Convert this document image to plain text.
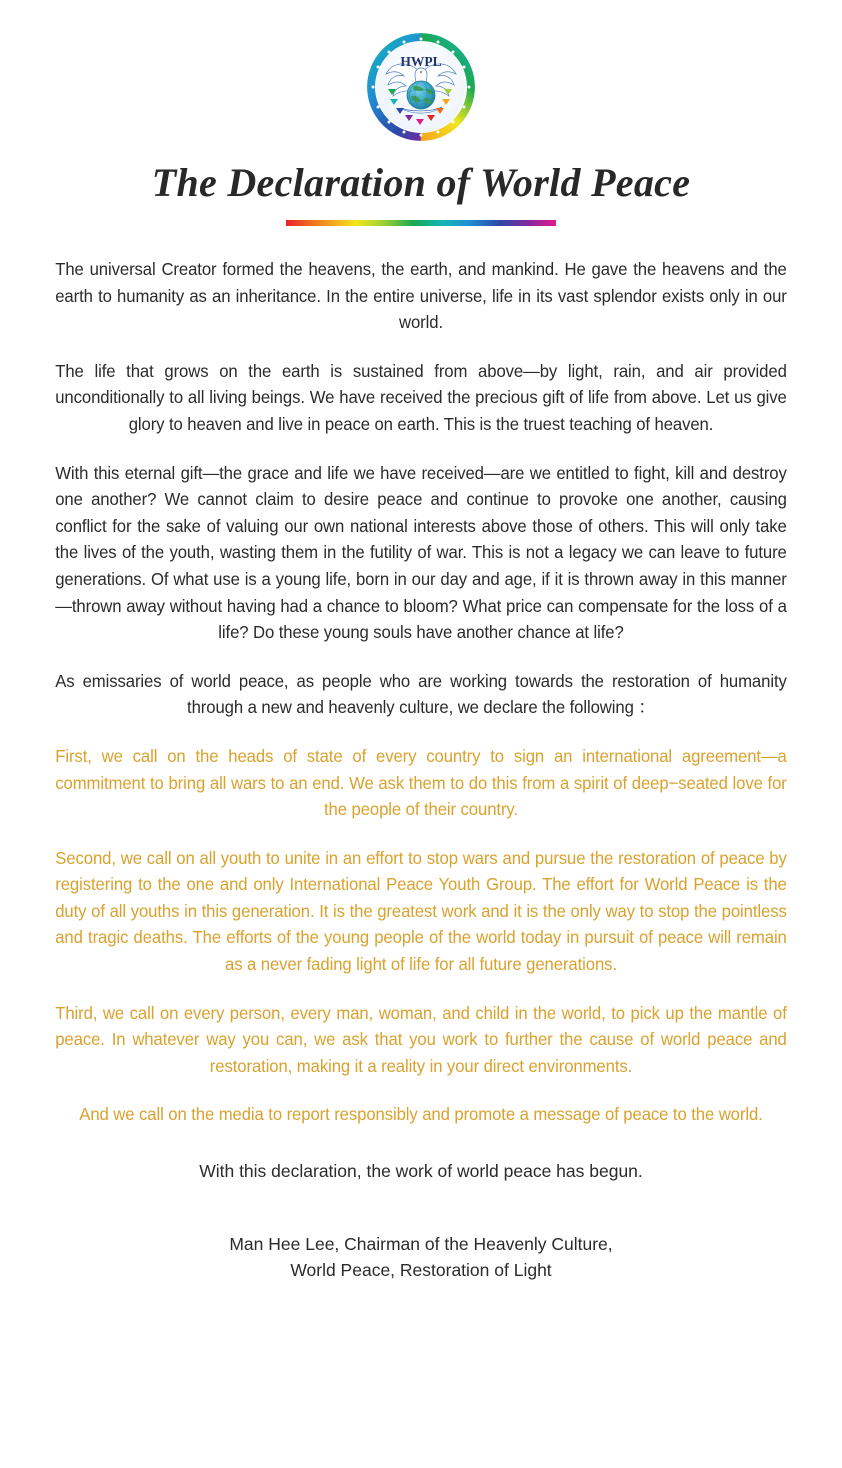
HWPL
The Declaration of World Peace

The universal Creator formed the heavens, the earth, and mankind. He gave the heavens and the earth to humanity as an inheritance. In the entire universe, life in its vast splendor exists only in our world.

The life that grows on the earth is sustained from above—by light, rain, and air provided unconditionally to all living beings. We have received the precious gift of life from above. Let us give glory to heaven and live in peace on earth. This is the truest teaching of heaven.

With this eternal gift—the grace and life we have received—are we entitled to fight, kill and destroy one another? We cannot claim to desire peace and continue to provoke one another, causing conflict for the sake of valuing our own national interests above those of others. This will only take the lives of the youth, wasting them in the futility of war. This is not a legacy we can leave to future generations. Of what use is a young life, born in our day and age, if it is thrown away in this manner—thrown away without having had a chance to bloom? What price can compensate for the loss of a life? Do these young souls have another chance at life?

As emissaries of world peace, as people who are working towards the restoration of humanity through a new and heavenly culture, we declare the following ：

First, we call on the heads of state of every country to sign an international agreement—a commitment to bring all wars to an end. We ask them to do this from a spirit of deep−seated love for the people of their country.

Second, we call on all youth to unite in an effort to stop wars and pursue the restoration of peace by registering to the one and only International Peace Youth Group. The effort for World Peace is the duty of all youths in this generation. It is the greatest work and it is the only way to stop the pointless and tragic deaths. The efforts of the young people of the world today in pursuit of peace will remain as a never fading light of life for all future generations.

Third, we call on every person, every man, woman, and child in the world, to pick up the mantle of peace. In whatever way you can, we ask that you work to further the cause of world peace and restoration, making it a reality in your direct environments.

And we call on the media to report responsibly and promote a message of peace to the world.

With this declaration, the work of world peace has begun.

Man Hee Lee, Chairman of the Heavenly Culture,
World Peace, Restoration of Light
